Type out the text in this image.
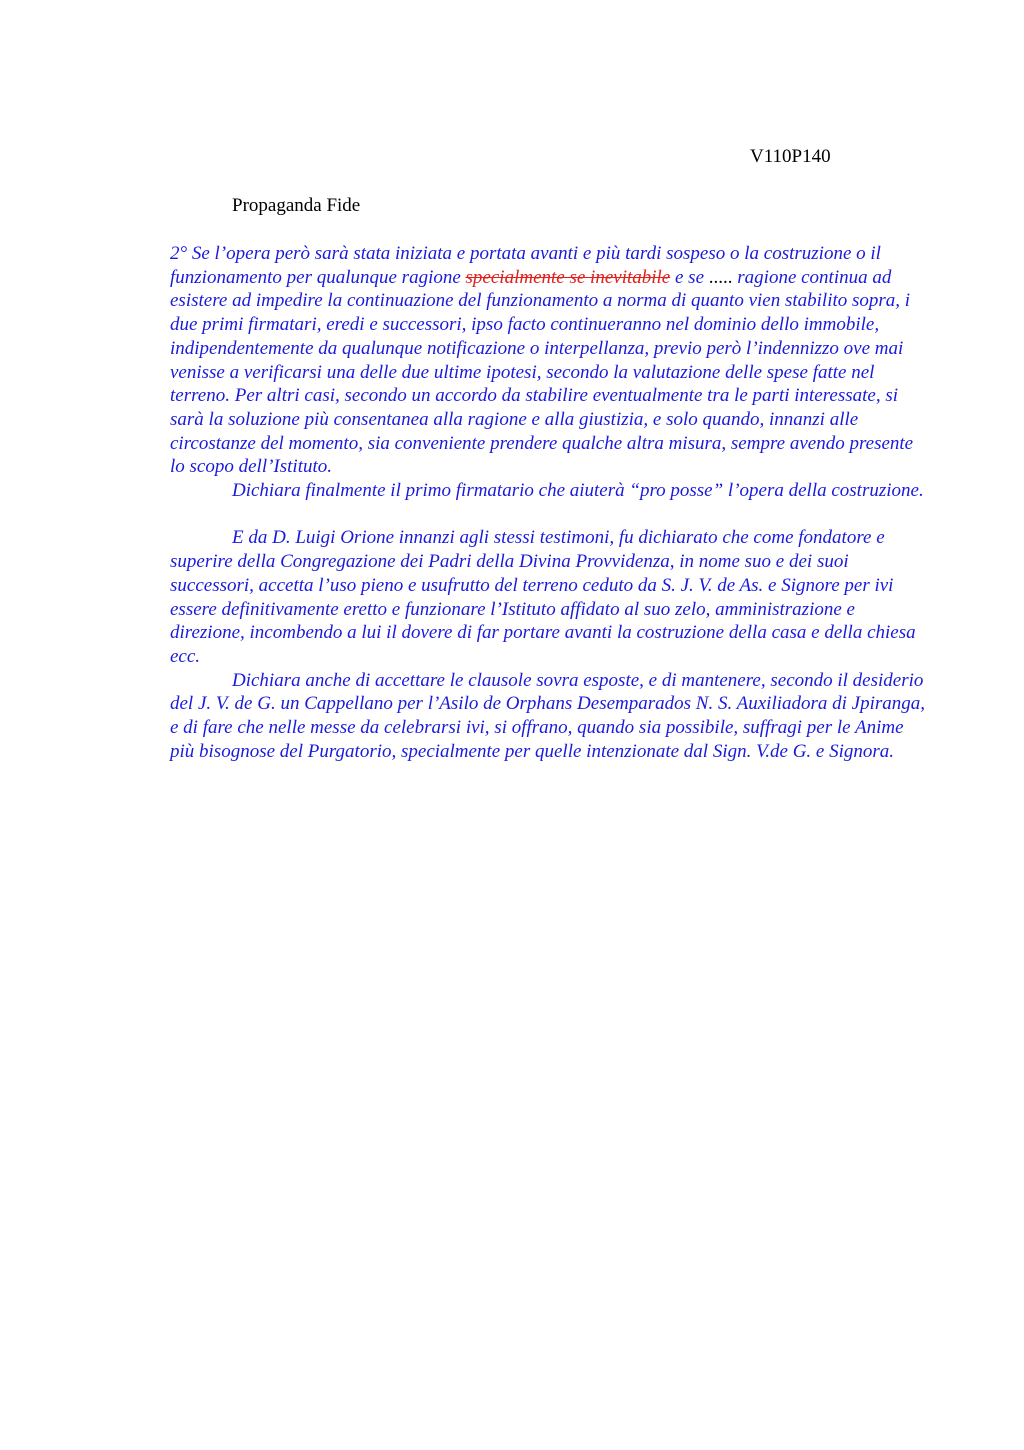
V110P140
Propaganda Fide

2° Se l’opera però sarà stata iniziata e portata avanti e più tardi sospeso o la costruzione o il funzionamento per qualunque ragione specialmente se inevitabile e se ..... ragione continua ad esistere ad impedire la continuazione del funzionamento a norma di quanto vien stabilito sopra, i due primi firmatari, eredi e successori, ipso facto continueranno nel dominio dello immobile, indipendentemente da qualunque notificazione o interpellanza, previo però l’indennizzo ove mai venisse a verificarsi una delle due ultime ipotesi, secondo la valutazione delle spese fatte nel terreno. Per altri casi, secondo un accordo da stabilire eventualmente tra le parti interessate, si sarà la soluzione più consentanea alla ragione e alla giustizia, e solo quando, innanzi alle circostanze del momento, sia conveniente prendere qualche altra misura, sempre avendo presente lo scopo dell’Istituto.

Dichiara finalmente il primo firmatario che aiuterà “pro posse” l’opera della costruzione.

E da D. Luigi Orione innanzi agli stessi testimoni, fu dichiarato che come fondatore e superire della Congregazione dei Padri della Divina Provvidenza, in nome suo e dei suoi successori, accetta l’uso pieno e usufrutto del terreno ceduto da S. J. V. de As. e Signore per ivi essere definitivamente eretto e funzionare l’Istituto affidato al suo zelo, amministrazione e direzione, incombendo a lui il dovere di far portare avanti la costruzione della casa e della chiesa ecc.

Dichiara anche di accettare le clausole sovra esposte, e di mantenere, secondo il desiderio del J. V. de G. un Cappellano per l’Asilo de Orphans Desemparados N. S. Auxiliadora di Jpiranga, e di fare che nelle messe da celebrarsi ivi, si offrano, quando sia possibile, suffragi per le Anime più bisognose del Purgatorio, specialmente per quelle intenzionate dal Sign. V.de G. e Signora.
